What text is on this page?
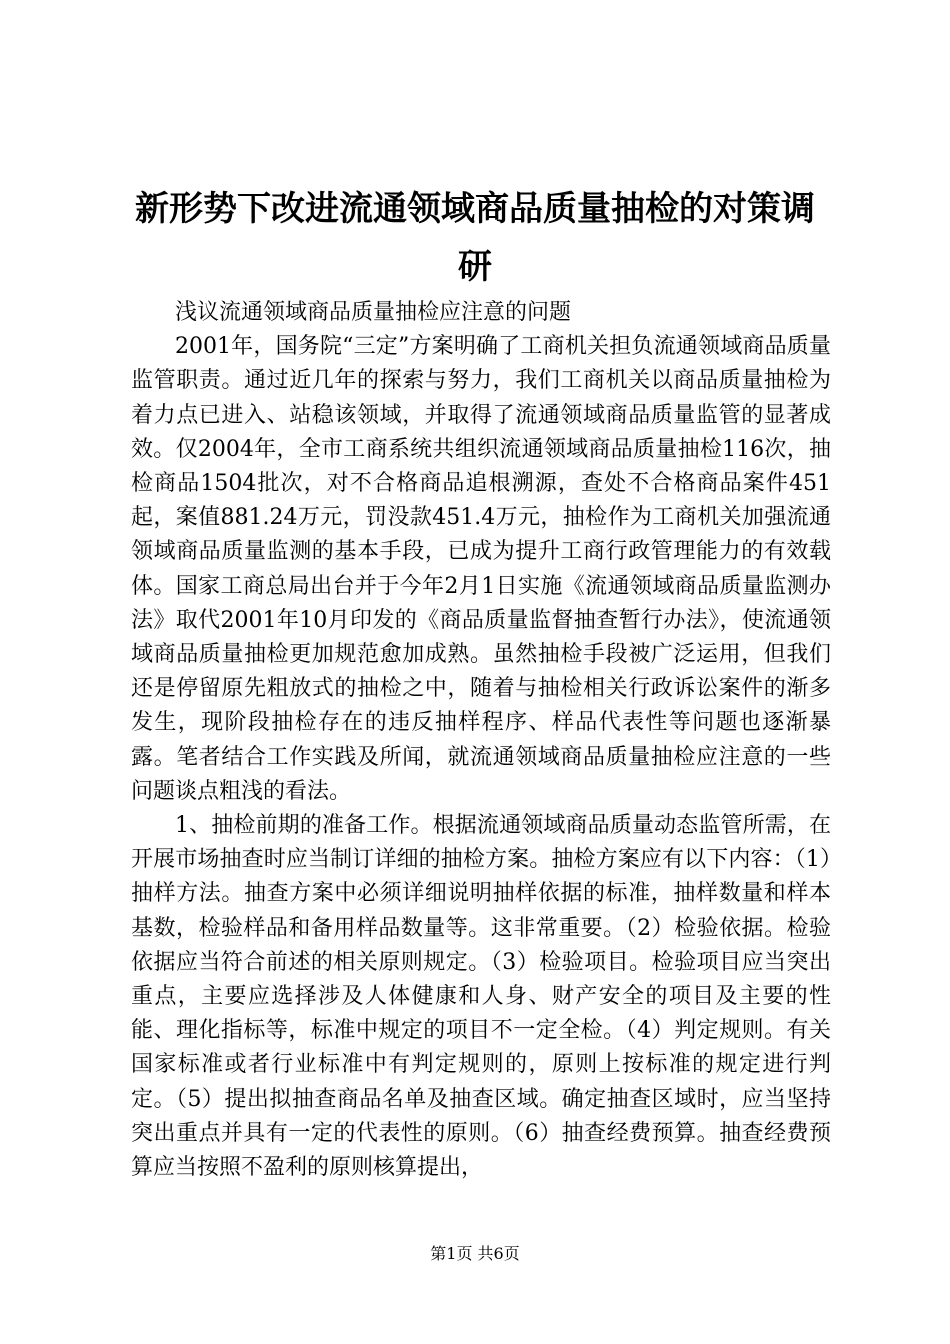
新形势下改进流通领域商品质量抽检的对策调研

浅议流通领域商品质量抽检应注意的问题

2001年，国务院“三定”方案明确了工商机关担负流通领域商品质量监管职责。通过近几年的探索与努力，我们工商机关以商品质量抽检为着力点已进入、站稳该领域，并取得了流通领域商品质量监管的显著成效。仅2004年，全市工商系统共组织流通领域商品质量抽检116次，抽检商品1504批次，对不合格商品追根溯源，查处不合格商品案件451起，案值881.24万元，罚没款451.4万元，抽检作为工商机关加强流通领域商品质量监测的基本手段，已成为提升工商行政管理能力的有效载体。国家工商总局出台并于今年2月1日实施《流通领域商品质量监测办法》取代2001年10月印发的《商品质量监督抽查暂行办法》，使流通领域商品质量抽检更加规范愈加成熟。虽然抽检手段被广泛运用，但我们还是停留原先粗放式的抽检之中，随着与抽检相关行政诉讼案件的渐多发生，现阶段抽检存在的违反抽样程序、样品代表性等问题也逐渐暴露。笔者结合工作实践及所闻，就流通领域商品质量抽检应注意的一些问题谈点粗浅的看法。

1、抽检前期的准备工作。根据流通领域商品质量动态监管所需，在开展市场抽查时应当制订详细的抽检方案。抽检方案应有以下内容：（1）抽样方法。抽查方案中必须详细说明抽样依据的标准，抽样数量和样本基数，检验样品和备用样品数量等。这非常重要。（2）检验依据。检验依据应当符合前述的相关原则规定。（3）检验项目。检验项目应当突出重点，主要应选择涉及人体健康和人身、财产安全的项目及主要的性能、理化指标等，标准中规定的项目不一定全检。（4）判定规则。有关国家标准或者行业标准中有判定规则的，原则上按标准的规定进行判定。（5）提出拟抽查商品名单及抽查区域。确定抽查区域时，应当坚持突出重点并具有一定的代表性的原则。（6）抽查经费预算。抽查经费预算应当按照不盈利的原则核算提出，

第1页 共6页
